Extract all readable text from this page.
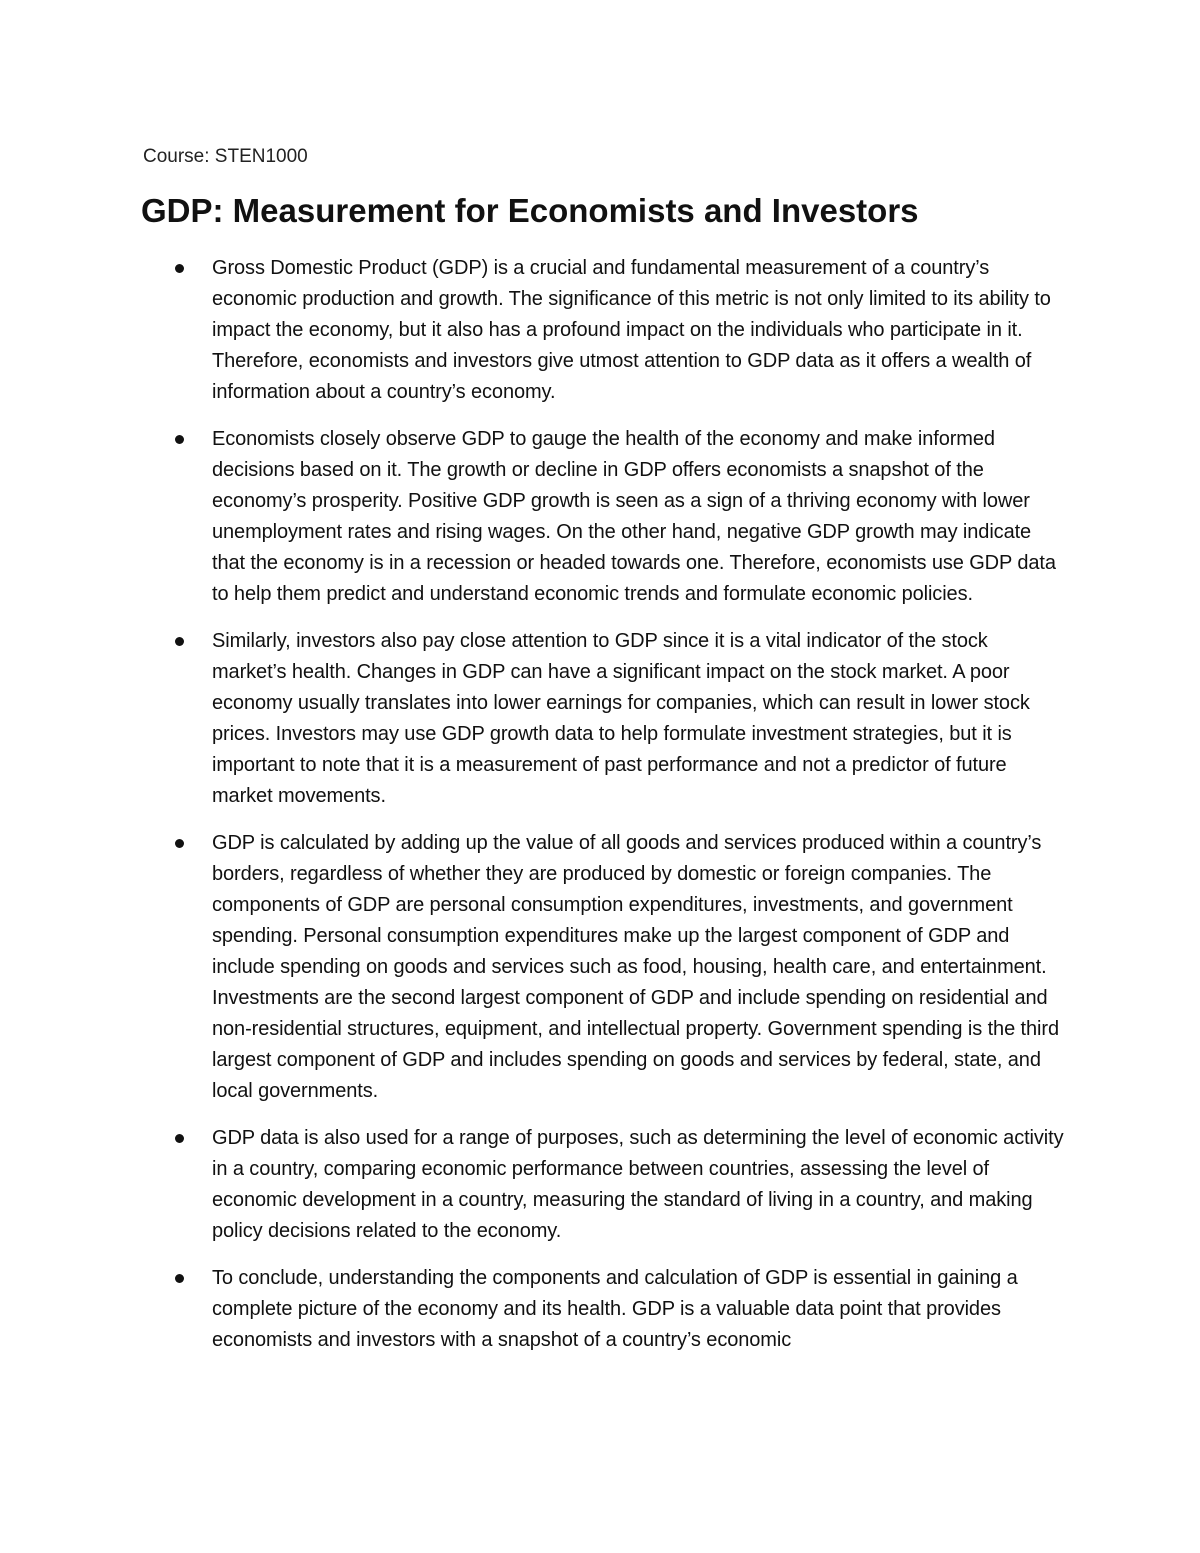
Course: STEN1000
GDP: Measurement for Economists and Investors
Gross Domestic Product (GDP) is a crucial and fundamental measurement of a country’s economic production and growth. The significance of this metric is not only limited to its ability to impact the economy, but it also has a profound impact on the individuals who participate in it. Therefore, economists and investors give utmost attention to GDP data as it offers a wealth of information about a country’s economy.
Economists closely observe GDP to gauge the health of the economy and make informed decisions based on it. The growth or decline in GDP offers economists a snapshot of the economy’s prosperity. Positive GDP growth is seen as a sign of a thriving economy with lower unemployment rates and rising wages. On the other hand, negative GDP growth may indicate that the economy is in a recession or headed towards one. Therefore, economists use GDP data to help them predict and understand economic trends and formulate economic policies.
Similarly, investors also pay close attention to GDP since it is a vital indicator of the stock market’s health. Changes in GDP can have a significant impact on the stock market. A poor economy usually translates into lower earnings for companies, which can result in lower stock prices. Investors may use GDP growth data to help formulate investment strategies, but it is important to note that it is a measurement of past performance and not a predictor of future market movements.
GDP is calculated by adding up the value of all goods and services produced within a country’s borders, regardless of whether they are produced by domestic or foreign companies. The components of GDP are personal consumption expenditures, investments, and government spending. Personal consumption expenditures make up the largest component of GDP and include spending on goods and services such as food, housing, health care, and entertainment. Investments are the second largest component of GDP and include spending on residential and non-residential structures, equipment, and intellectual property. Government spending is the third largest component of GDP and includes spending on goods and services by federal, state, and local governments.
GDP data is also used for a range of purposes, such as determining the level of economic activity in a country, comparing economic performance between countries, assessing the level of economic development in a country, measuring the standard of living in a country, and making policy decisions related to the economy.
To conclude, understanding the components and calculation of GDP is essential in gaining a complete picture of the economy and its health. GDP is a valuable data point that provides economists and investors with a snapshot of a country’s economic
